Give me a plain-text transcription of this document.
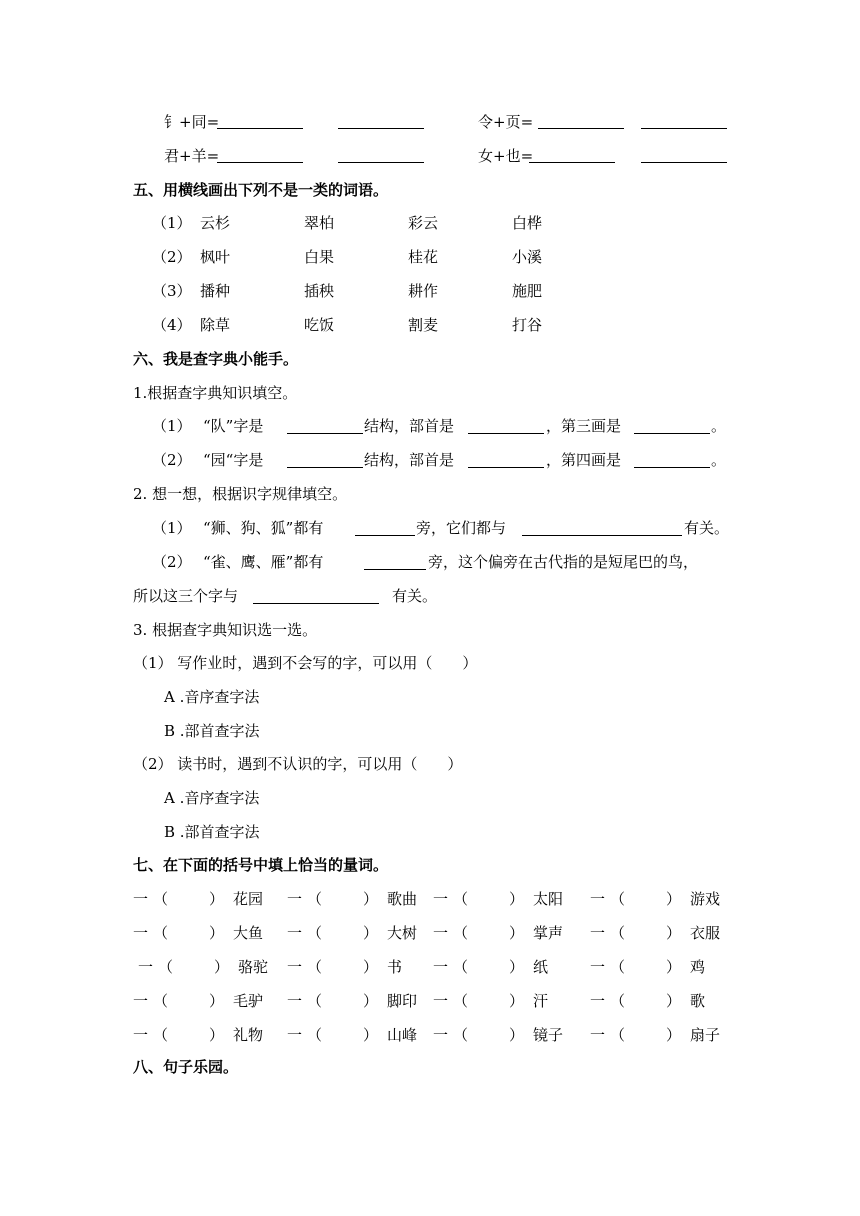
钅+同=	令+页=
君+羊=	女+也=
五、用横线画出下列不是一类的词语。
（1） 云杉	翠柏	彩云	白桦
（2） 枫叶	白果	桂花	小溪
（3） 播种	插秧	耕作	施肥
（4） 除草	吃饭	割麦	打谷
六、我是查字典小能手。
1.根据查字典知识填空。
（1） “队”字是	结构，部首是	，第三画是	。
（2） “园“字是	结构，部首是	，第四画是	。
2. 想一想，根据识字规律填空。
（1） “狮、狗、狐”都有	旁，它们都与	有关。
（2） “雀、鹰、雁”都有	旁，这个偏旁在古代指的是短尾巴的鸟，
所以这三个字与	有关。
3. 根据查字典知识选一选。
（1） 写作业时，遇到不会写的字，可以用（　　）
A .音序查字法
B .部首查字法
（2） 读书时，遇到不认识的字，可以用（　　）
A .音序查字法
B .部首查字法
七、在下面的括号中填上恰当的量词。
一 （	） 花园 一 （	） 歌曲 一 （	） 太阳 一 （	） 游戏
一 （	） 大鱼 一 （	） 大树 一 （	） 掌声 一 （	） 衣服
一 （	） 骆驼 一 （	） 书 一 （	） 纸	一 （	） 鸡
一 （	） 毛驴 一 （	） 脚印 一 （	） 汗	一 （	） 歌
一 （	） 礼物 一 （	） 山峰 一 （	） 镜子 一 （	） 扇子
八、句子乐园。
